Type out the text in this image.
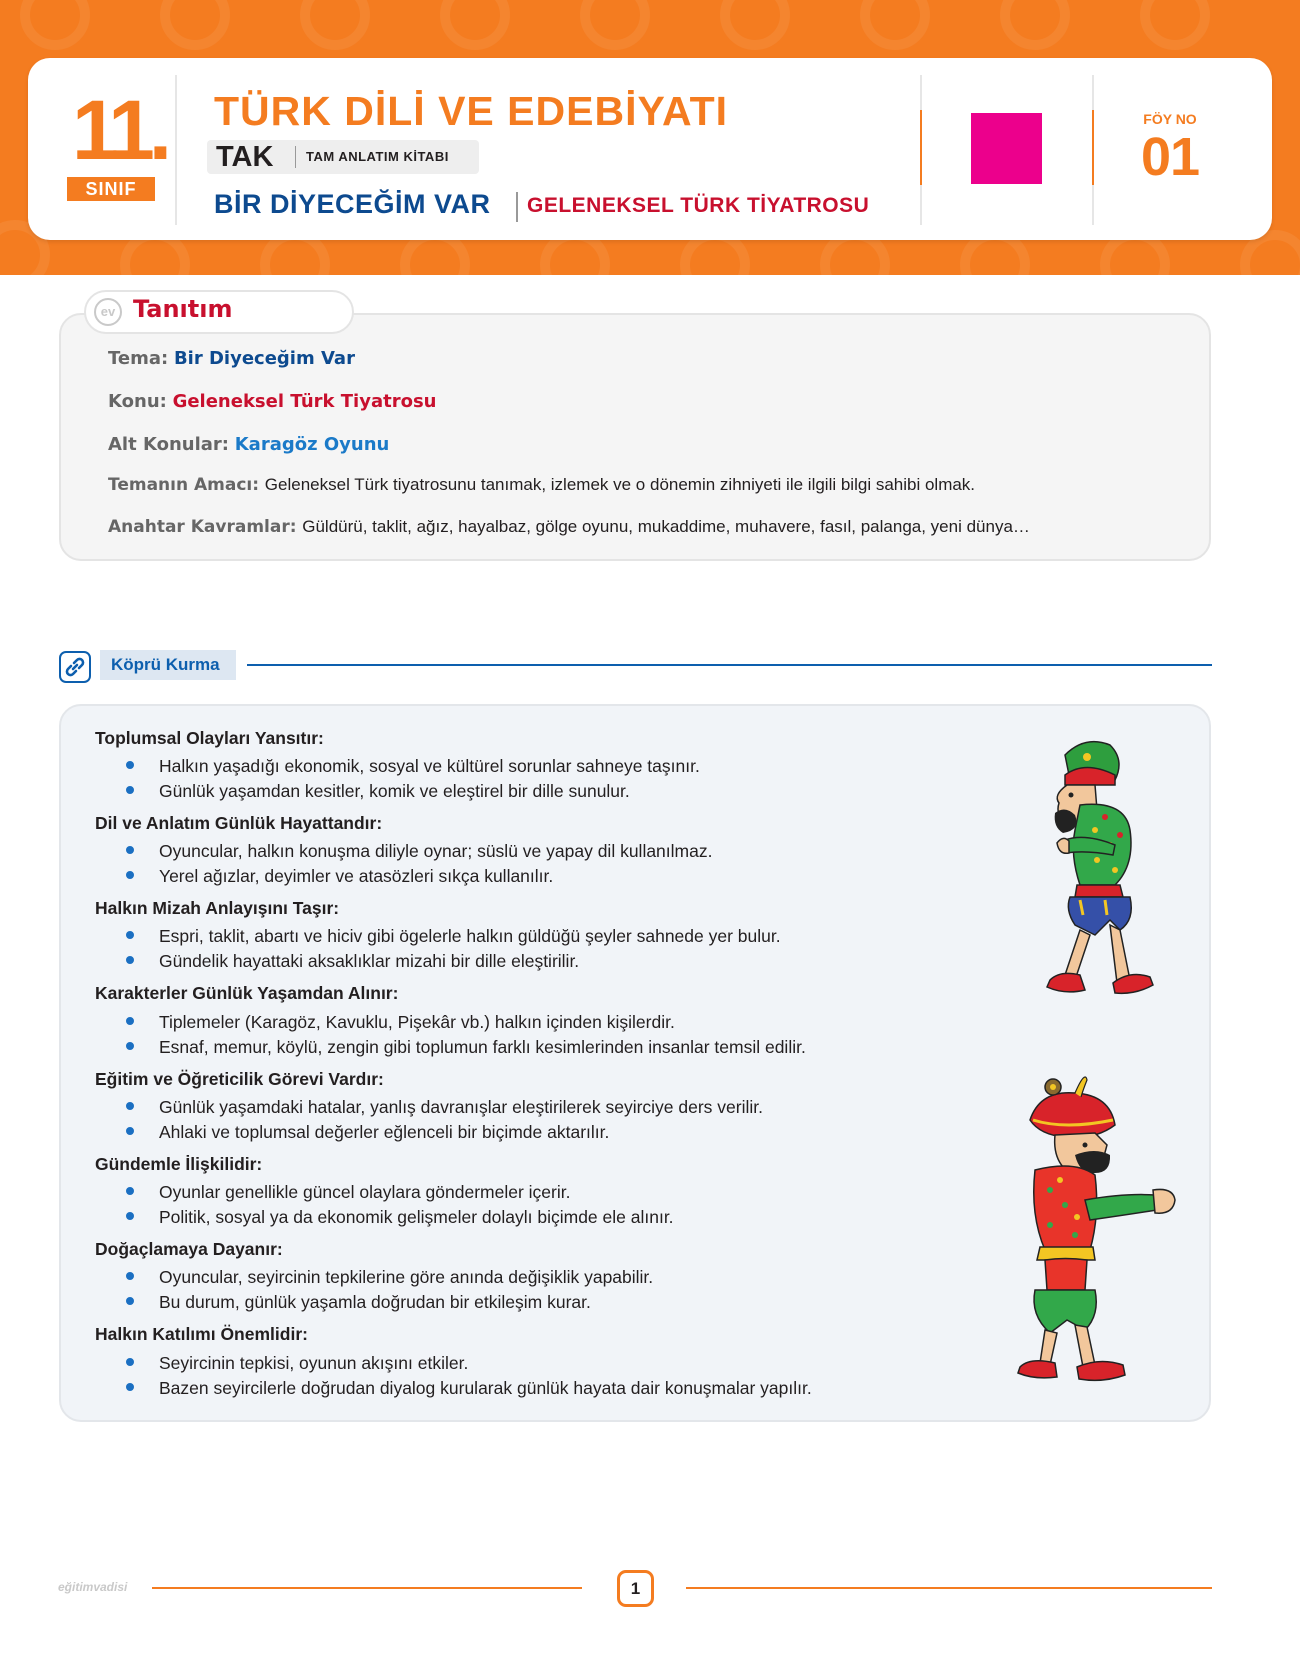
11.
SINIF
TÜRK DİLİ VE EDEBİYATI
TAK	TAM ANLATIM KİTABI
BİR DİYECEĞİM VAR GELENEKSEL TÜRK TİYATROSU
FÖY NO
01
ev Tanıtım
Tema: Bir Diyeceğim Var
Konu: Geleneksel Türk Tiyatrosu
Alt Konular: Karagöz Oyunu
Temanın Amacı: Geleneksel Türk tiyatrosunu tanımak, izlemek ve o dönemin zihniyeti ile ilgili bilgi sahibi olmak.
Anahtar Kavramlar: Güldürü, taklit, ağız, hayalbaz, gölge oyunu, mukaddime, muhavere, fasıl, palanga, yeni dünya…
Köprü Kurma
Toplumsal Olayları Yansıtır:
Halkın yaşadığı ekonomik, sosyal ve kültürel sorunlar sahneye taşınır.
Günlük yaşamdan kesitler, komik ve eleştirel bir dille sunulur.
Dil ve Anlatım Günlük Hayattandır:
Oyuncular, halkın konuşma diliyle oynar; süslü ve yapay dil kullanılmaz.
Yerel ağızlar, deyimler ve atasözleri sıkça kullanılır.
Halkın Mizah Anlayışını Taşır:
Espri, taklit, abartı ve hiciv gibi ögelerle halkın güldüğü şeyler sahnede yer bulur.
Gündelik hayattaki aksaklıklar mizahi bir dille eleştirilir.
Karakterler Günlük Yaşamdan Alınır:
Tiplemeler (Karagöz, Kavuklu, Pişekâr vb.) halkın içinden kişilerdir.
Esnaf, memur, köylü, zengin gibi toplumun farklı kesimlerinden insanlar temsil edilir.
Eğitim ve Öğreticilik Görevi Vardır:
Günlük yaşamdaki hatalar, yanlış davranışlar eleştirilerek seyirciye ders verilir.
Ahlaki ve toplumsal değerler eğlenceli bir biçimde aktarılır.
Gündemle İlişkilidir:
Oyunlar genellikle güncel olaylara göndermeler içerir.
Politik, sosyal ya da ekonomik gelişmeler dolaylı biçimde ele alınır.
Doğaçlamaya Dayanır:
Oyuncular, seyircinin tepkilerine göre anında değişiklik yapabilir.
Bu durum, günlük yaşamla doğrudan bir etkileşim kurar.
Halkın Katılımı Önemlidir:
Seyircinin tepkisi, oyunun akışını etkiler.
Bazen seyircilerle doğrudan diyalog kurularak günlük hayata dair konuşmalar yapılır.
eğitimvadisi	1
